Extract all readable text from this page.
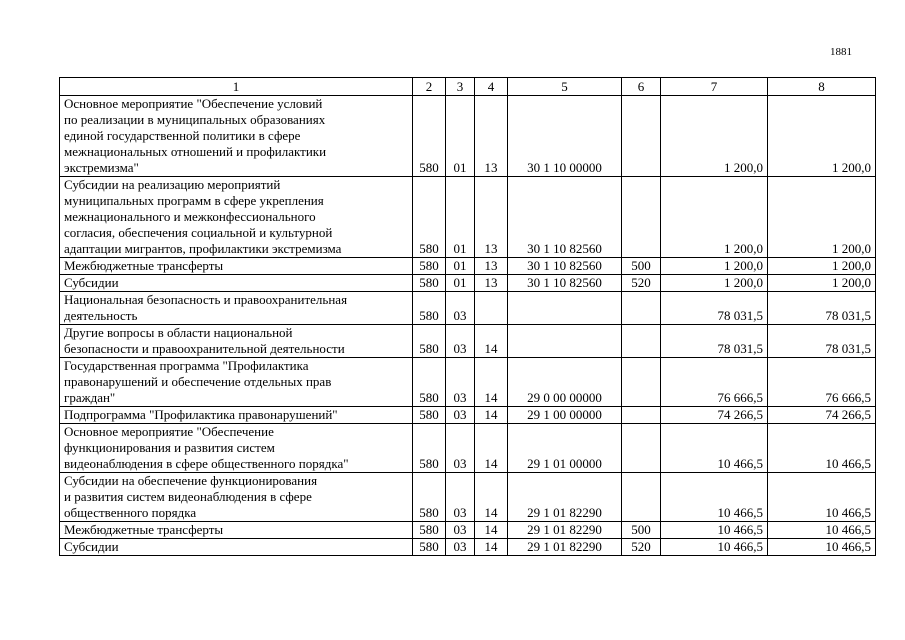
1881
1	2	3	4	5	6	7	8
Основное мероприятие "Обеспечение условий
по реализации в муниципальных образованиях
единой государственной политики в сфере
межнациональных отношений и профилактики
экстремизма"	580	01	13	30 1 10 00000		1 200,0	1 200,0
Субсидии на реализацию мероприятий
муниципальных программ в сфере укрепления
межнационального и межконфессионального
согласия, обеспечения социальной и культурной
адаптации мигрантов, профилактики экстремизма	580	01	13	30 1 10 82560		1 200,0	1 200,0
Межбюджетные трансферты	580	01	13	30 1 10 82560	500	1 200,0	1 200,0
Субсидии	580	01	13	30 1 10 82560	520	1 200,0	1 200,0
Национальная безопасность и правоохранительная
деятельность	580	03				78 031,5	78 031,5
Другие вопросы в области национальной
безопасности и правоохранительной деятельности	580	03	14			78 031,5	78 031,5
Государственная программа "Профилактика
правонарушений и обеспечение отдельных прав
граждан"	580	03	14	29 0 00 00000		76 666,5	76 666,5
Подпрограмма "Профилактика правонарушений"	580	03	14	29 1 00 00000		74 266,5	74 266,5
Основное мероприятие "Обеспечение
функционирования и развития систем
видеонаблюдения в сфере общественного порядка"	580	03	14	29 1 01 00000		10 466,5	10 466,5
Субсидии на обеспечение функционирования
и развития систем видеонаблюдения в сфере
общественного порядка	580	03	14	29 1 01 82290		10 466,5	10 466,5
Межбюджетные трансферты	580	03	14	29 1 01 82290	500	10 466,5	10 466,5
Субсидии	580	03	14	29 1 01 82290	520	10 466,5	10 466,5
